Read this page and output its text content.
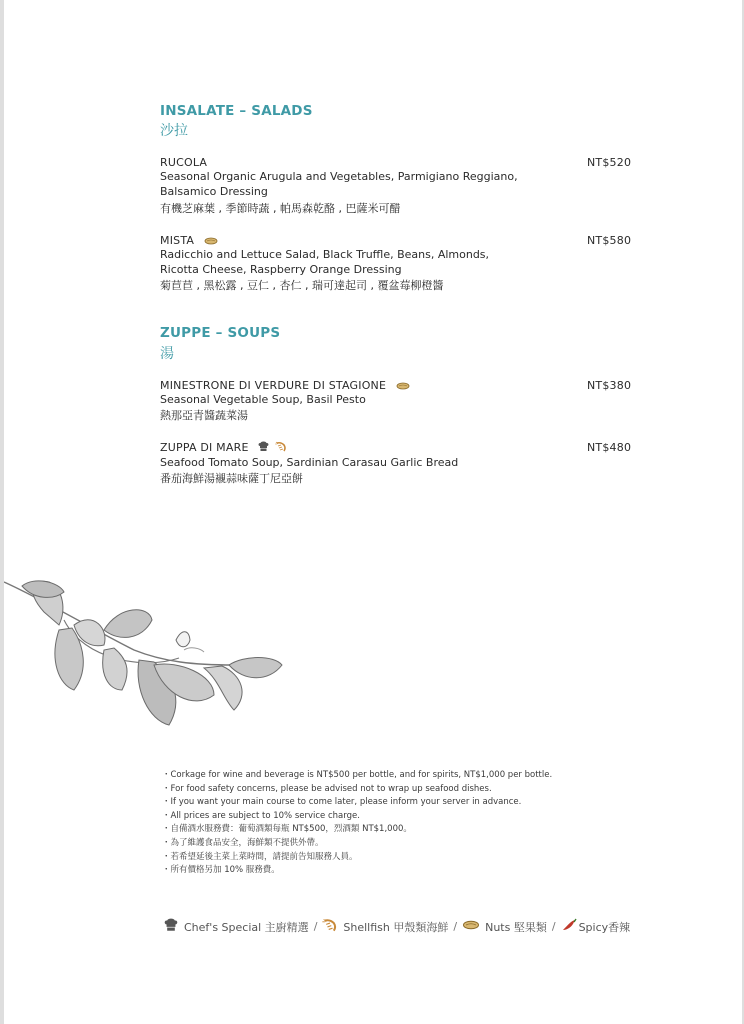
INSALATE – SALADS
沙拉
RUCOLA	NT$520
Seasonal Organic Arugula and Vegetables, Parmigiano Reggiano,
Balsamico Dressing
有機芝麻葉 , 季節時蔬 , 帕馬森乾酪 , 巴薩米可醋
MISTA	NT$580
Radicchio and Lettuce Salad, Black Truffle, Beans, Almonds,
Ricotta Cheese, Raspberry Orange Dressing
菊苣苣 , 黑松露 , 豆仁 , 杏仁 , 瑞可達起司 , 覆盆莓柳橙醬
ZUPPE – SOUPS
湯
MINESTRONE DI VERDURE DI STAGIONE	NT$380
Seasonal Vegetable Soup, Basil Pesto
熱那亞青醬蔬菜湯
ZUPPA DI MARE	NT$480
Seafood Tomato Soup, Sardinian Carasau Garlic Bread
番茄海鮮湯襯蒜味薩丁尼亞餅
・Corkage for wine and beverage is NT$500 per bottle, and for spirits, NT$1,000 per bottle.
・For food safety concerns, please be advised not to wrap up seafood dishes.
・If you want your main course to come later, please inform your server in advance.
・All prices are subject to 10% service charge.
・自備酒水服務費：葡萄酒類每瓶 NT$500，烈酒類 NT$1,000。
・為了維護食品安全，海鮮類不提供外帶。
・若希望延後主菜上菜時間，請提前告知服務人員。
・所有價格另加 10% 服務費。
Chef's Special 主廚精選 / Shellfish 甲殼類海鮮 /	Nuts 堅果類 / Spicy香辣
